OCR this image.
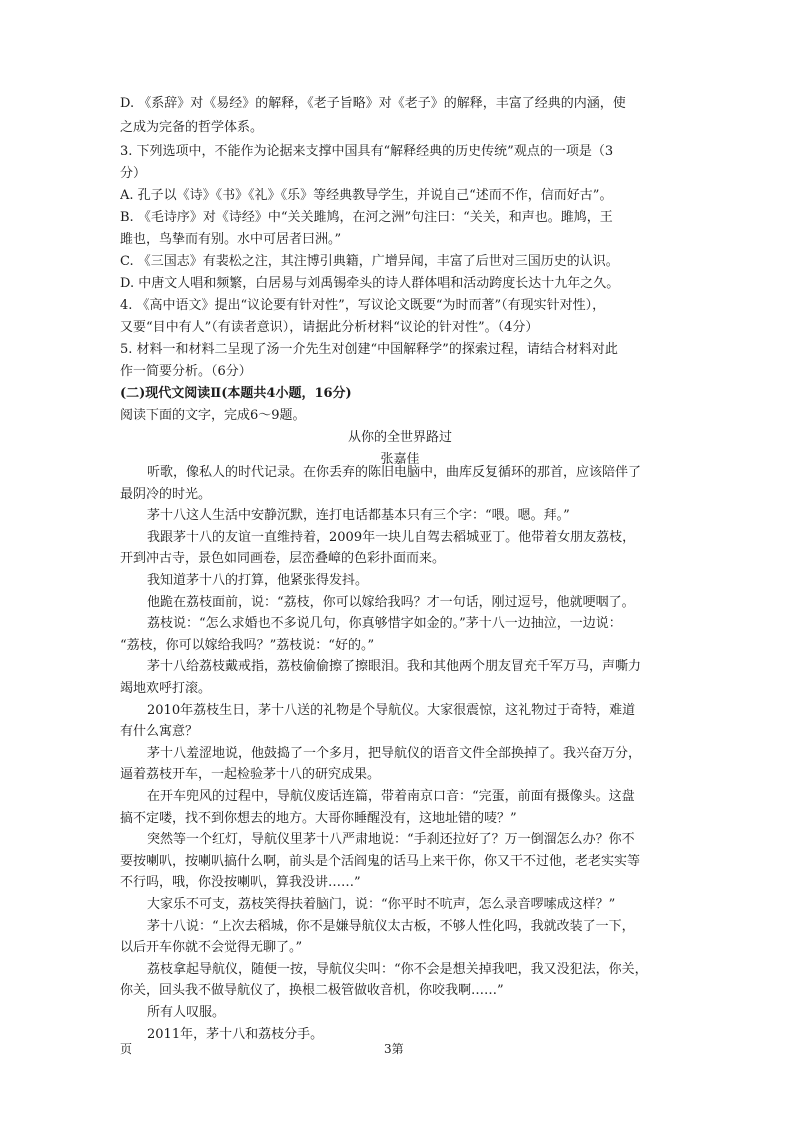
D. 《系辞》对《易经》的解释，《老子旨略》对《老子》的解释，丰富了经典的内涵，使
之成为完备的哲学体系。
3. 下列选项中，不能作为论据来支撑中国具有“解释经典的历史传统”观点的一项是（3
分）
A. 孔子以《诗》《书》《礼》《乐》等经典教导学生，并说自己“述而不作，信而好古”。
B. 《毛诗序》对《诗经》中“关关雎鸠，在河之洲”句注曰：“关关，和声也。雎鸠，王
雎也，鸟挚而有别。水中可居者曰洲。”
C. 《三国志》有裴松之注，其注博引典籍，广增异闻，丰富了后世对三国历史的认识。
D. 中唐文人唱和频繁，白居易与刘禹锡牵头的诗人群体唱和活动跨度长达十九年之久。
4. 《高中语文》提出“议论要有针对性”，写议论文既要“为时而著”（有现实针对性），
又要“目中有人”（有读者意识），请据此分析材料“议论的针对性”。（4分）
5. 材料一和材料二呈现了汤一介先生对创建“中国解释学”的探索过程，请结合材料对此
作一简要分析。（6分）
(二)现代文阅读Ⅱ(本题共4小题，16分)
阅读下面的文字，完成6～9题。
从你的全世界路过
张嘉佳
页	3第
听歌，像私人的时代记录。在你丢弃的陈旧电脑中，曲库反复循环的那首，应该陪伴了
最阴冷的时光。
茅十八这人生活中安静沉默，连打电话都基本只有三个字：“喂。嗯。拜。”
我跟茅十八的友谊一直维持着，2009年一块儿自驾去稻城亚丁。他带着女朋友荔枝，
开到冲古寺，景色如同画卷，层峦叠嶂的色彩扑面而来。
我知道茅十八的打算，他紧张得发抖。
他跪在荔枝面前，说：“荔枝，你可以嫁给我吗？才一句话，刚过逗号，他就哽咽了。
荔枝说：“怎么求婚也不多说几句，你真够惜字如金的。”茅十八一边抽泣，一边说：
“荔枝，你可以嫁给我吗？”荔枝说：“好的。”
茅十八给荔枝戴戒指，荔枝偷偷擦了擦眼泪。我和其他两个朋友冒充千军万马，声嘶力
竭地欢呼打滚。
2010年荔枝生日，茅十八送的礼物是个导航仪。大家很震惊，这礼物过于奇特，难道
有什么寓意？
茅十八羞涩地说，他鼓捣了一个多月，把导航仪的语音文件全部换掉了。我兴奋万分，
逼着荔枝开车，一起检验茅十八的研究成果。
在开车兜风的过程中，导航仪废话连篇，带着南京口音：“完蛋，前面有摄像头。这盘
搞不定喽，找不到你想去的地方。大哥你睡醒没有，这地址错的唛？”
突然等一个红灯，导航仪里茅十八严肃地说：“手刹还拉好了？万一倒溜怎么办？你不
要按喇叭，按喇叭搞什么啊，前头是个活阎鬼的话马上来干你，你又干不过他，老老实实等
不行吗，哦，你没按喇叭，算我没讲……”
大家乐不可支，荔枝笑得扶着脑门，说：“你平时不吭声，怎么录音啰嗦成这样？”
茅十八说：“上次去稻城，你不是嫌导航仪太古板，不够人性化吗，我就改装了一下，
以后开车你就不会觉得无聊了。”
荔枝拿起导航仪，随便一按，导航仪尖叫：“你不会是想关掉我吧，我又没犯法，你关，
你关，回头我不做导航仪了，换根二极管做收音机，你咬我啊……”
所有人叹服。
2011年，茅十八和荔枝分手。
